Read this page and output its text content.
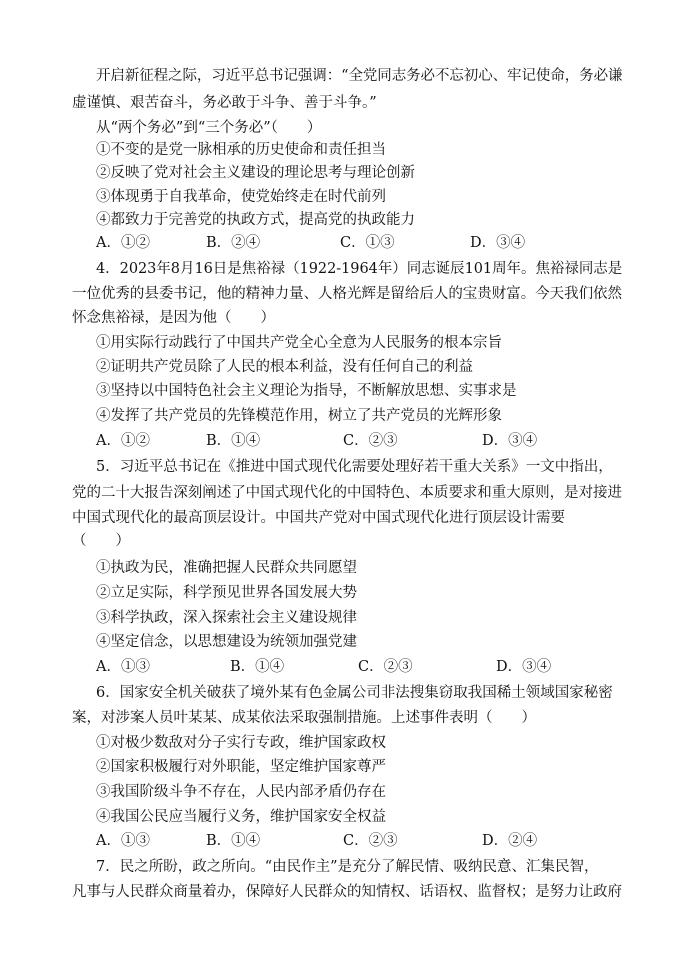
开启新征程之际，习近平总书记强调：“全党同志务必不忘初心、牢记使命，务必谦
虚谨慎、艰苦奋斗，务必敢于斗争、善于斗争。”
从“两个务必”到“三个务必”（　　）
①不变的是党一脉相承的历史使命和责任担当
②反映了党对社会主义建设的理论思考与理论创新
③体现勇于自我革命，使党始终走在时代前列
④都致力于完善党的执政方式，提高党的执政能力
A．①②	B．②④	C．①③	D．③④
4．2023年8月16日是焦裕禄（1922-1964年）同志诞辰101周年。焦裕禄同志是
一位优秀的县委书记，他的精神力量、人格光辉是留给后人的宝贵财富。今天我们依然
怀念焦裕禄，是因为他（　　）
①用实际行动践行了中国共产党全心全意为人民服务的根本宗旨
②证明共产党员除了人民的根本利益，没有任何自己的利益
③坚持以中国特色社会主义理论为指导，不断解放思想、实事求是
④发挥了共产党员的先锋模范作用，树立了共产党员的光辉形象
A．①②	B．①④	C．②③	D．③④
5．习近平总书记在《推进中国式现代化需要处理好若干重大关系》一文中指出，
党的二十大报告深刻阐述了中国式现代化的中国特色、本质要求和重大原则，是对接进
中国式现代化的最高顶层设计。中国共产党对中国式现代化进行顶层设计需要
（　　）
①执政为民，准确把握人民群众共同愿望
②立足实际，科学预见世界各国发展大势
③科学执政，深入探索社会主义建设规律
④坚定信念，以思想建设为统领加强党建
A．①③	B．①④	C．②③	D．③④
6．国家安全机关破获了境外某有色金属公司非法搜集窃取我国稀土领域国家秘密
案，对涉案人员叶某某、成某依法采取强制措施。上述事件表明（　　）
①对极少数敌对分子实行专政，维护国家政权
②国家积极履行对外职能，坚定维护国家尊严
③我国阶级斗争不存在，人民内部矛盾仍存在
④我国公民应当履行义务，维护国家安全权益
A．①③	B．①④	C．②③	D．②④
7．民之所盼，政之所向。“由民作主”是充分了解民情、吸纳民意、汇集民智，
凡事与人民群众商量着办，保障好人民群众的知情权、话语权、监督权；是努力让政府
